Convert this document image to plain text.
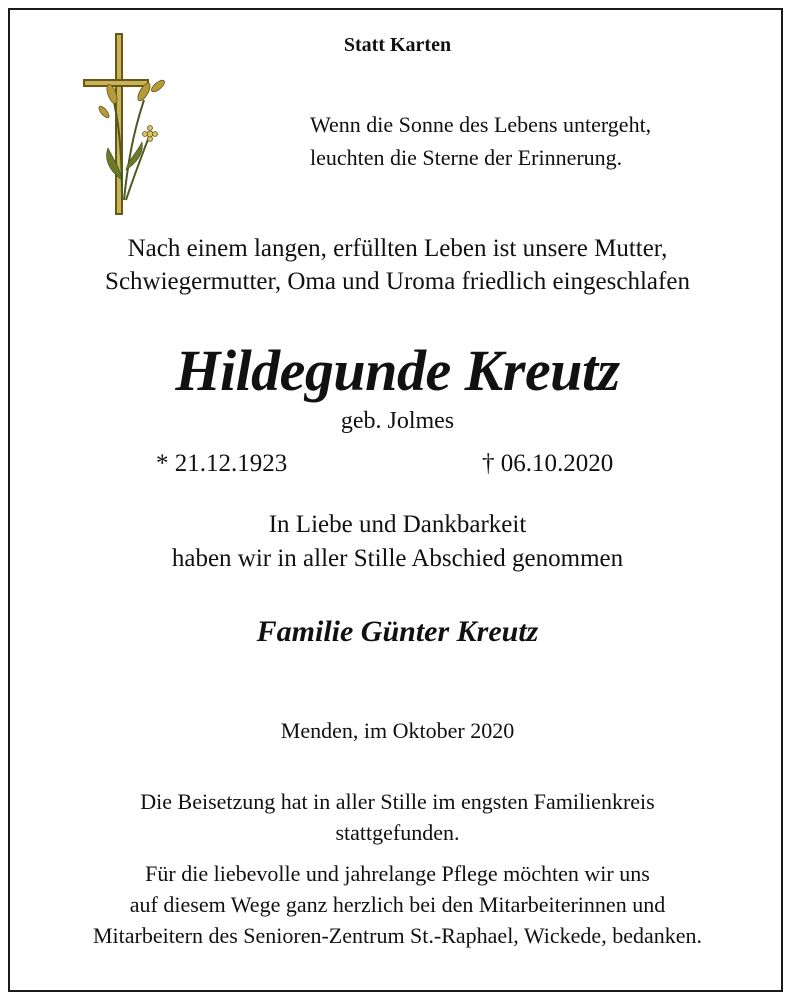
Statt Karten
Wenn die Sonne des Lebens untergeht,
leuchten die Sterne der Erinnerung.
Nach einem langen, erfüllten Leben ist unsere Mutter,
Schwiegermutter, Oma und Uroma friedlich eingeschlafen
Hildegunde Kreutz
geb. Jolmes
* 21.12.1923	† 06.10.2020
In Liebe und Dankbarkeit
haben wir in aller Stille Abschied genommen
Familie Günter Kreutz
Menden, im Oktober 2020
Die Beisetzung hat in aller Stille im engsten Familienkreis
stattgefunden.
Für die liebevolle und jahrelange Pflege möchten wir uns
auf diesem Wege ganz herzlich bei den Mitarbeiterinnen und
Mitarbeitern des Senioren-Zentrum St.-Raphael, Wickede, bedanken.
